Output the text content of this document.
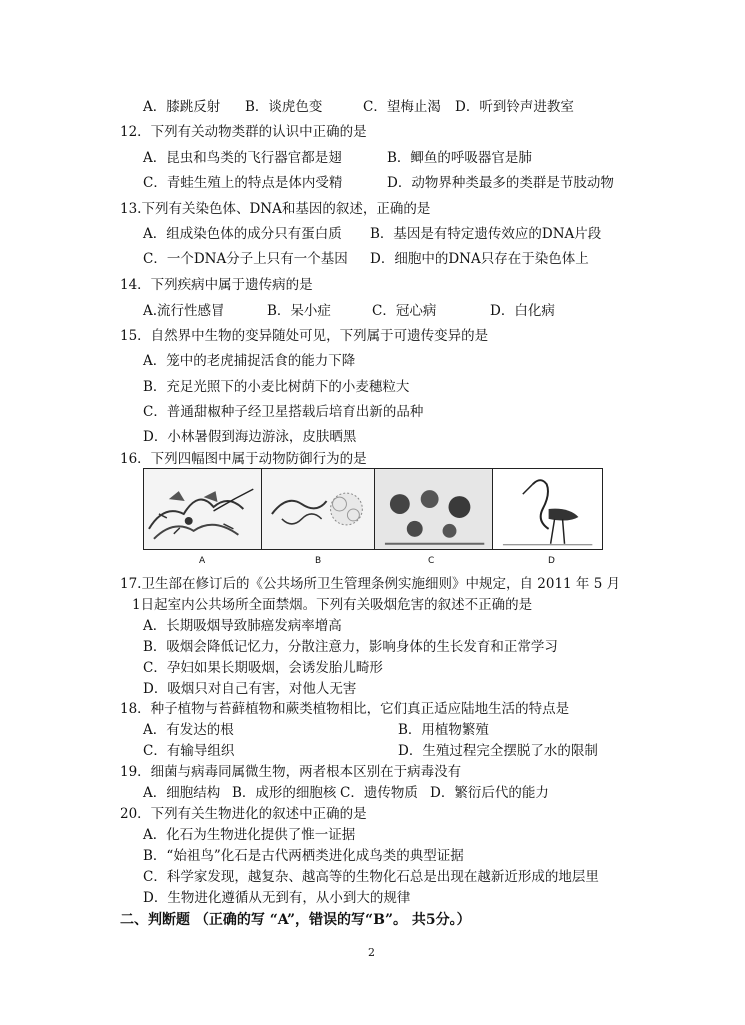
A．膝跳反射 B．谈虎色变	C．望梅止渴 D．听到铃声进教室
12．下列有关动物类群的认识中正确的是
A．昆虫和鸟类的飞行器官都是翅	B．鲫鱼的呼吸器官是肺
C．青蛙生殖上的特点是体内受精	D．动物界种类最多的类群是节肢动物
13.下列有关染色体、DNA和基因的叙述，正确的是
A．组成染色体的成分只有蛋白质 B．基因是有特定遗传效应的DNA片段
C．一个DNA分子上只有一个基因 D．细胞中的DNA只存在于染色体上
14．下列疾病中属于遗传病的是
A.流行性感冒	B．呆小症	C．冠心病	D．白化病
15．自然界中生物的变异随处可见，下列属于可遗传变异的是
A．笼中的老虎捕捉活食的能力下降
B．充足光照下的小麦比树荫下的小麦穗粒大
C．普通甜椒种子经卫星搭载后培育出新的品种
D．小林暑假到海边游泳，皮肤晒黑
16．下列四幅图中属于动物防御行为的是
A	B	C	D
17.卫生部在修订后的《公共场所卫生管理条例实施细则》中规定，自 2011 年 5 月
1日起室内公共场所全面禁烟。下列有关吸烟危害的叙述不正确的是
A．长期吸烟导致肺癌发病率增高
B．吸烟会降低记忆力，分散注意力，影响身体的生长发育和正常学习
C．孕妇如果长期吸烟，会诱发胎儿畸形
D．吸烟只对自己有害，对他人无害
18．种子植物与苔藓植物和蕨类植物相比，它们真正适应陆地生活的特点是
A．有发达的根	B．用植物繁殖
C．有输导组织	D．生殖过程完全摆脱了水的限制
19．细菌与病毒同属微生物，两者根本区别在于病毒没有
A．细胞结构 B．成形的细胞核 C．遗传物质 D．繁衍后代的能力
20．下列有关生物进化的叙述中正确的是
A．化石为生物进化提供了惟一证据
B．“始祖鸟”化石是古代两栖类进化成鸟类的典型证据
C．科学家发现，越复杂、越高等的生物化石总是出现在越新近形成的地层里
D．生物进化遵循从无到有，从小到大的规律
二、判断题 （正确的写 “A”，错误的写“B”。 共5分。）
2
